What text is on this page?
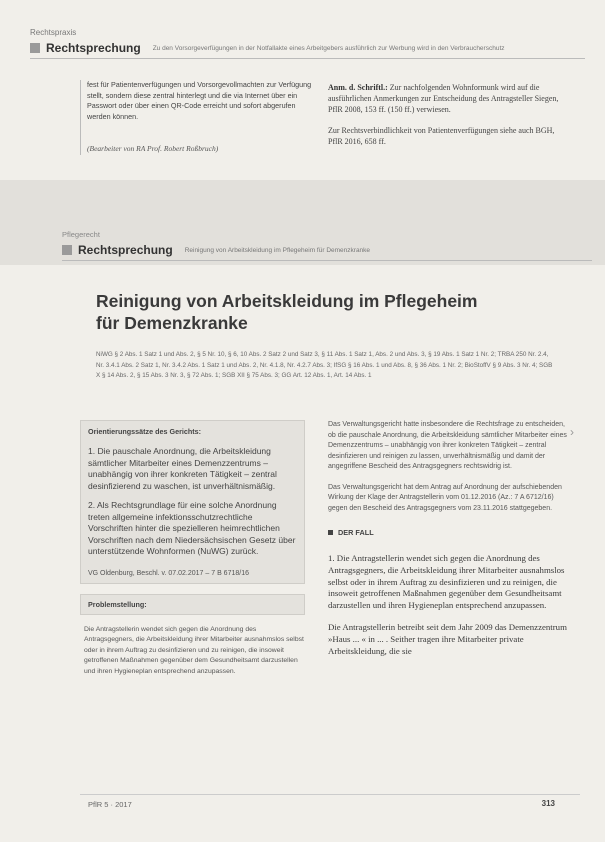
Rechtspraxis
Rechtsprechung Zu den Vorsorgeverfügungen in der Notfallakte eines Arbeitgebers ausführlich zur Werbung wird in den Verbraucherschutz
fest für Patientenverfügungen und Vorsorgevollmachten zur Verfügung stellt, sondern diese zentral hinterlegt und die via Internet über ein Passwort oder über einen QR-Code erreicht und sofort abgerufen werden können.
(Bearbeiter von RA Prof. Robert Roßbruch)

Anm. d. Schriftl.: Zur nachfolgenden Wohnformunk wird auf die ausführlichen Anmerkungen zur Entscheidung des Antragsteller Siegen, PflR 2008, 153 ff. (150 ff.) verwiesen.

Zur Rechtsverbindlichkeit von Patientenverfügungen siehe auch BGH, PflR 2016, 658 ff.

Pflegerecht
Rechtsprechung Reinigung von Arbeitskleidung im Pflegeheim für Demenzkranke
Reinigung von Arbeitskleidung im Pflegeheim
für Demenzkranke
NiWG § 2 Abs. 1 Satz 1 und Abs. 2, § 5 Nr. 10, § 6, 10 Abs. 2 Satz 2 und Satz 3, § 11 Abs. 1 Satz 1, Abs. 2 und Abs. 3, § 19 Abs. 1 Satz 1 Nr. 2; TRBA 250 Nr. 2.4, Nr. 3.4.1 Abs. 2 Satz 1, Nr. 3.4.2 Abs. 1 Satz 1 und Abs. 2, Nr. 4.1.8, Nr. 4.2.7 Abs. 3; IfSG § 16 Abs. 1 und Abs. 8, § 36 Abs. 1 Nr. 2; BioStoffV § 9 Abs. 3 Nr. 4; SGB X § 14 Abs. 2, § 15 Abs. 3 Nr. 3, § 72 Abs. 1; SGB XII § 75 Abs. 3; GG Art. 12 Abs. 1, Art. 14 Abs. 1
Orientierungssätze des Gerichts:

1. Die pauschale Anordnung, die Arbeitskleidung sämtlicher Mitarbeiter eines Demenzzentrums – unabhängig von ihrer konkreten Tätigkeit – zentral desinfizierend zu waschen, ist unverhältnismäßig.

2. Als Rechtsgrundlage für eine solche Anordnung treten allgemeine infektionsschutzrechtliche Vorschriften hinter die spezielleren heimrechtlichen Vorschriften nach dem Niedersächsischen Gesetz über unterstützende Wohnformen (NuWG) zurück.

VG Oldenburg, Beschl. v. 07.02.2017 – 7 B 6718/16
Problemstellung:
Die Antragstellerin wendet sich gegen die Anordnung des Antragsgegners, die Arbeitskleidung ihrer Mitarbeiter ausnahmslos selbst oder in ihrem Auftrag zu desinfizieren und zu reinigen, die insoweit getroffenen Maßnahmen gegenüber dem Gesundheitsamt darzustellen und ihren Hygieneplan entsprechend anzupassen.

Das Verwaltungsgericht hatte insbesondere die Rechtsfrage zu entscheiden, ob die pauschale Anordnung, die Arbeitskleidung sämtlicher Mitarbeiter eines Demenzzentrums – unabhängig von ihrer konkreten Tätigkeit – zentral desinfizieren und reinigen zu lassen, unverhältnismäßig und damit der angegriffene Bescheid des Antragsgegners rechtswidrig ist.

Das Verwaltungsgericht hat dem Antrag auf Anordnung der aufschiebenden Wirkung der Klage der Antragstellerin vom 01.12.2016 (Az.: 7 A 6712/16) gegen den Bescheid des Antragsgegners vom 23.11.2016 stattgegeben.

DER FALL

1. Die Antragstellerin wendet sich gegen die Anordnung des Antragsgegners, die Arbeitskleidung ihrer Mitarbeiter ausnahmslos selbst oder in ihrem Auftrag zu desinfizieren und zu reinigen, die insoweit getroffenen Maßnahmen gegenüber dem Gesundheitsamt darzustellen und ihren Hygieneplan entsprechend anzupassen.

Die Antragstellerin betreibt seit dem Jahr 2009 das Demenzzentrum »Haus ... « in ... . Seither tragen ihre Mitarbeiter private Arbeitskleidung, die sie

›
PflR 5 · 2017	313
